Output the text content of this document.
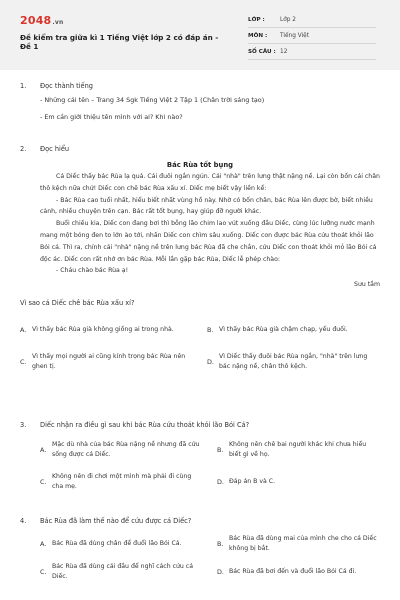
2048.vn
Đề kiểm tra giữa kì 1 Tiếng Việt lớp 2 có đáp án - Đề 1
LỚP :	Lớp 2
MÔN :	Tiếng Việt
SỐ CÂU : 12
1.	Đọc thành tiếng
- Những cái tên – Trang 34 Sgk Tiếng Việt 2 Tập 1 (Chân trời sáng tạo)
- Em cần giới thiệu tên mình với ai? Khi nào?
2.	Đọc hiểu
Bác Rùa tốt bụng
Cá Diếc thấy bác Rùa lạ quá. Cái đuôi ngắn ngủn. Cái "nhà" trên lưng thật nặng nề. Lại còn bốn cái chân thô kệch nữa chứ! Diếc con chê bác Rùa xấu xí. Diếc mẹ biết vậy liền kể:
- Bác Rùa cao tuổi nhất, hiểu biết nhất vùng hồ này. Nhờ có bốn chân, bác Rùa lên được bờ, biết nhiều cảnh, nhiều chuyện trên cạn. Bác rất tốt bụng, hay giúp đỡ người khác.
Buổi chiều kia, Diếc con đang bơi thì bỗng lão chim lao vút xuống đầu Diếc, cùng lúc lưỡng nước mạnh mang một bóng đen to lớn ào tới, nhấn Diếc con chìm sâu xuống. Diếc con được bác Rùa cứu thoát khỏi lão Bói cá. Thì ra, chính cái "nhà" nặng nề trên lưng bác Rùa đã che chắn, cứu Diếc con thoát khỏi mỏ lão Bói cá độc ác. Diếc con rất nhớ ơn bác Rùa. Mỗi lần gặp bác Rùa, Diếc lễ phép chào:
- Cháu chào bác Rùa ạ!
Sưu tầm
Vì sao cá Diếc chê bác Rùa xấu xí?
A. Vì thấy bác Rùa già không giống ai trong nhà.	B. Vì thấy bác Rùa già chậm chạp, yếu đuối.
C.
Vì thấy mọi người ai cũng kính trọng bác Rùa nên ghen tị.
D.
Vì Diếc thấy đuôi bác Rùa ngắn, "nhà" trên lưng bác nặng nề, chân thô kệch.
3.	Diếc nhận ra điều gì sau khi bác Rùa cứu thoát khỏi lão Bói Cá?
A.
Mặc dù nhà của bác Rùa nặng nề nhưng đã cứu sống được cá Diếc.
B.
Không nên chê bai người khác khi chưa hiểu biết gì về họ.
C.
Không nên đi chơi một mình mà phải đi cùng cha mẹ.
D. Đáp án B và C.
4.	Bác Rùa đã làm thế nào để cứu được cá Diếc?
A. Bác Rùa đã dùng chân để đuổi lão Bói Cá.	B.
Bác Rùa đã dùng mai của mình che cho cá Diếc không bị bắt.
C.
Bác Rùa đã dùng cái đầu để nghĩ cách cứu cá Diếc.
D. Bác Rùa đã bơi đến và đuổi lão Bói Cá đi.
